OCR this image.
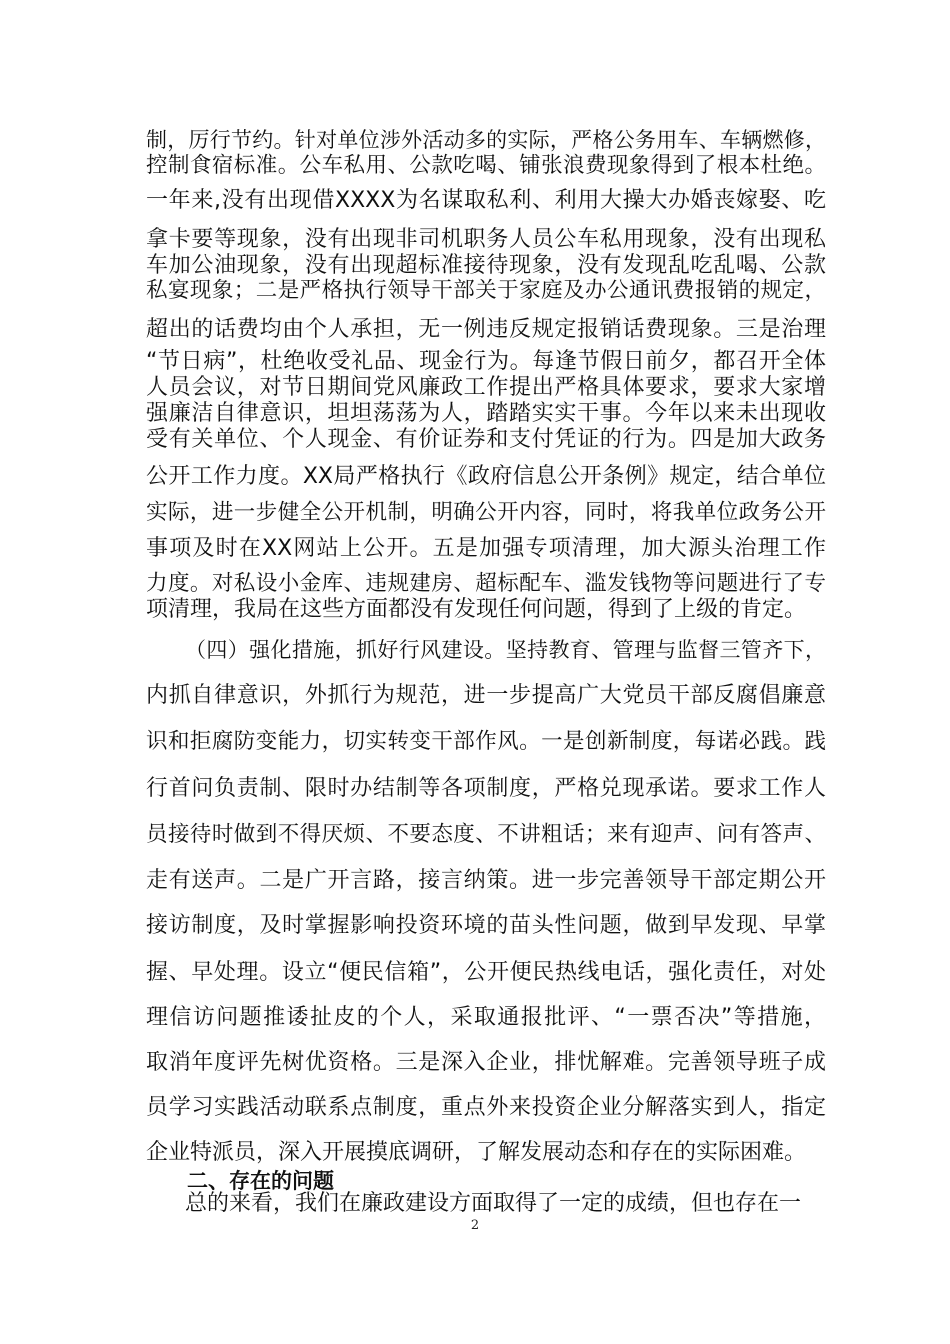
制，厉行节约。针对单位涉外活动多的实际，严格公务用车、车辆燃修，
控制食宿标准。公车私用、公款吃喝、铺张浪费现象得到了根本杜绝。
一年来,没有出现借XXXX为名谋取私利、利用大操大办婚丧嫁娶、吃
拿卡要等现象，没有出现非司机职务人员公车私用现象，没有出现私
车加公油现象，没有出现超标准接待现象，没有发现乱吃乱喝、公款
私宴现象；二是严格执行领导干部关于家庭及办公通讯费报销的规定，
超出的话费均由个人承担，无一例违反规定报销话费现象。三是治理
“节日病”，杜绝收受礼品、现金行为。每逢节假日前夕，都召开全体
人员会议，对节日期间党风廉政工作提出严格具体要求，要求大家增
强廉洁自律意识，坦坦荡荡为人，踏踏实实干事。今年以来未出现收
受有关单位、个人现金、有价证券和支付凭证的行为。四是加大政务
公开工作力度。XX局严格执行《政府信息公开条例》规定，结合单位
实际，进一步健全公开机制，明确公开内容，同时，将我单位政务公开
事项及时在XX网站上公开。五是加强专项清理，加大源头治理工作
力度。对私设小金库、违规建房、超标配车、滥发钱物等问题进行了专
项清理，我局在这些方面都没有发现任何问题，得到了上级的肯定。
（四）强化措施，抓好行风建设。坚持教育、管理与监督三管齐下，
内抓自律意识，外抓行为规范，进一步提高广大党员干部反腐倡廉意
识和拒腐防变能力，切实转变干部作风。一是创新制度，每诺必践。践
行首问负责制、限时办结制等各项制度，严格兑现承诺。要求工作人
员接待时做到不得厌烦、不要态度、不讲粗话；来有迎声、问有答声、
走有送声。二是广开言路，接言纳策。进一步完善领导干部定期公开
接访制度，及时掌握影响投资环境的苗头性问题，做到早发现、早掌
握、早处理。设立“便民信箱”，公开便民热线电话，强化责任，对处
理信访问题推诿扯皮的个人，采取通报批评、“一票否决”等措施，
取消年度评先树优资格。三是深入企业，排忧解难。完善领导班子成
员学习实践活动联系点制度，重点外来投资企业分解落实到人，指定
企业特派员，深入开展摸底调研，了解发展动态和存在的实际困难。
二、存在的问题
总的来看，我们在廉政建设方面取得了一定的成绩，但也存在一
2
